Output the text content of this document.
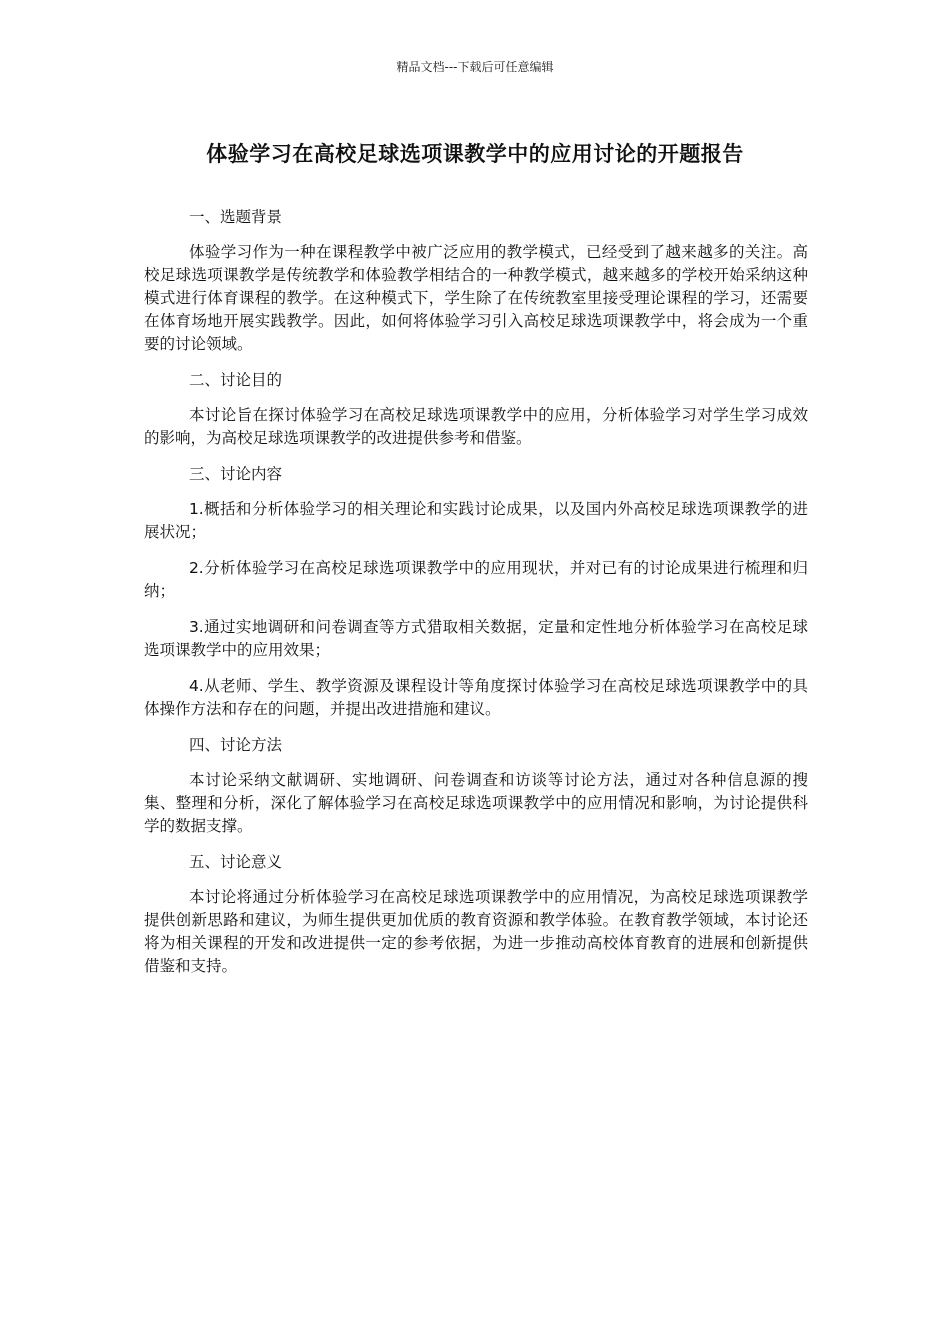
精品文档---下载后可任意编辑
体验学习在高校足球选项课教学中的应用讨论的开题报告

一、选题背景

体验学习作为一种在课程教学中被广泛应用的教学模式，已经受到了越来越多的关注。高校足球选项课教学是传统教学和体验教学相结合的一种教学模式，越来越多的学校开始采纳这种模式进行体育课程的教学。在这种模式下，学生除了在传统教室里接受理论课程的学习，还需要在体育场地开展实践教学。因此，如何将体验学习引入高校足球选项课教学中，将会成为一个重要的讨论领域。

二、讨论目的

本讨论旨在探讨体验学习在高校足球选项课教学中的应用，分析体验学习对学生学习成效的影响，为高校足球选项课教学的改进提供参考和借鉴。

三、讨论内容

1.概括和分析体验学习的相关理论和实践讨论成果，以及国内外高校足球选项课教学的进展状况；

2.分析体验学习在高校足球选项课教学中的应用现状，并对已有的讨论成果进行梳理和归纳；

3.通过实地调研和问卷调查等方式猎取相关数据，定量和定性地分析体验学习在高校足球选项课教学中的应用效果；

4.从老师、学生、教学资源及课程设计等角度探讨体验学习在高校足球选项课教学中的具体操作方法和存在的问题，并提出改进措施和建议。

四、讨论方法

本讨论采纳文献调研、实地调研、问卷调查和访谈等讨论方法，通过对各种信息源的搜集、整理和分析，深化了解体验学习在高校足球选项课教学中的应用情况和影响，为讨论提供科学的数据支撑。

五、讨论意义

本讨论将通过分析体验学习在高校足球选项课教学中的应用情况，为高校足球选项课教学提供创新思路和建议，为师生提供更加优质的教育资源和教学体验。在教育教学领域，本讨论还将为相关课程的开发和改进提供一定的参考依据，为进一步推动高校体育教育的进展和创新提供借鉴和支持。
